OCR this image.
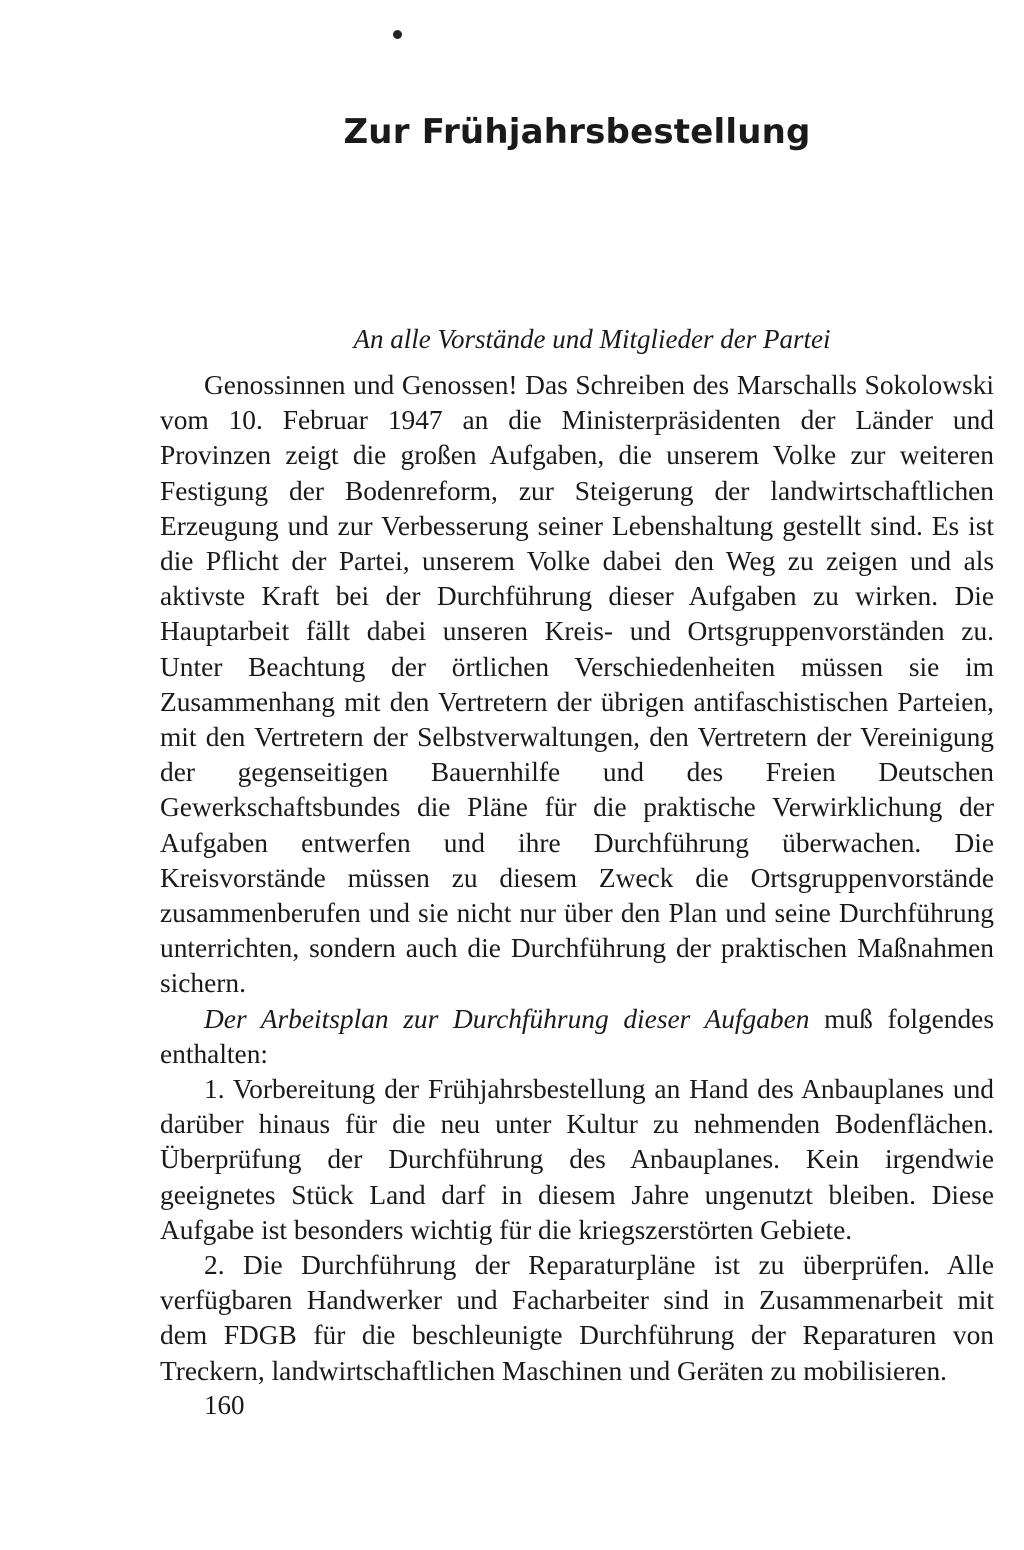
Zur Frühjahrsbestellung
An alle Vorstände und Mitglieder der Partei

Genossinnen und Genossen! Das Schreiben des Marschalls Sokolowski vom 10. Februar 1947 an die Ministerpräsidenten der Länder und Provinzen zeigt die großen Aufgaben, die unserem Volke zur weiteren Festigung der Bodenreform, zur Steigerung der landwirtschaftlichen Erzeugung und zur Verbesserung seiner Lebenshaltung gestellt sind. Es ist die Pflicht der Partei, unserem Volke dabei den Weg zu zeigen und als aktivste Kraft bei der Durchführung dieser Aufgaben zu wirken. Die Hauptarbeit fällt dabei unseren Kreis- und Ortsgruppenvorständen zu. Unter Beachtung der örtlichen Verschiedenheiten müssen sie im Zusammenhang mit den Vertretern der übrigen antifaschistischen Parteien, mit den Vertretern der Selbstverwaltungen, den Vertretern der Vereinigung der gegenseitigen Bauernhilfe und des Freien Deutschen Gewerkschaftsbundes die Pläne für die praktische Verwirklichung der Aufgaben entwerfen und ihre Durchführung überwachen. Die Kreisvorstände müssen zu diesem Zweck die Ortsgruppenvorstände zusammenberufen und sie nicht nur über den Plan und seine Durchführung unterrichten, sondern auch die Durchführung der praktischen Maßnahmen sichern.

Der Arbeitsplan zur Durchführung dieser Aufgaben muß folgendes enthalten:

1. Vorbereitung der Frühjahrsbestellung an Hand des Anbauplanes und darüber hinaus für die neu unter Kultur zu nehmenden Bodenflächen. Überprüfung der Durchführung des Anbauplanes. Kein irgendwie geeignetes Stück Land darf in diesem Jahre ungenutzt bleiben. Diese Aufgabe ist besonders wichtig für die kriegszerstörten Gebiete.

2. Die Durchführung der Reparaturpläne ist zu überprüfen. Alle verfügbaren Handwerker und Facharbeiter sind in Zusammenarbeit mit dem FDGB für die beschleunigte Durchführung der Reparaturen von Treckern, landwirtschaftlichen Maschinen und Geräten zu mobilisieren.

160
